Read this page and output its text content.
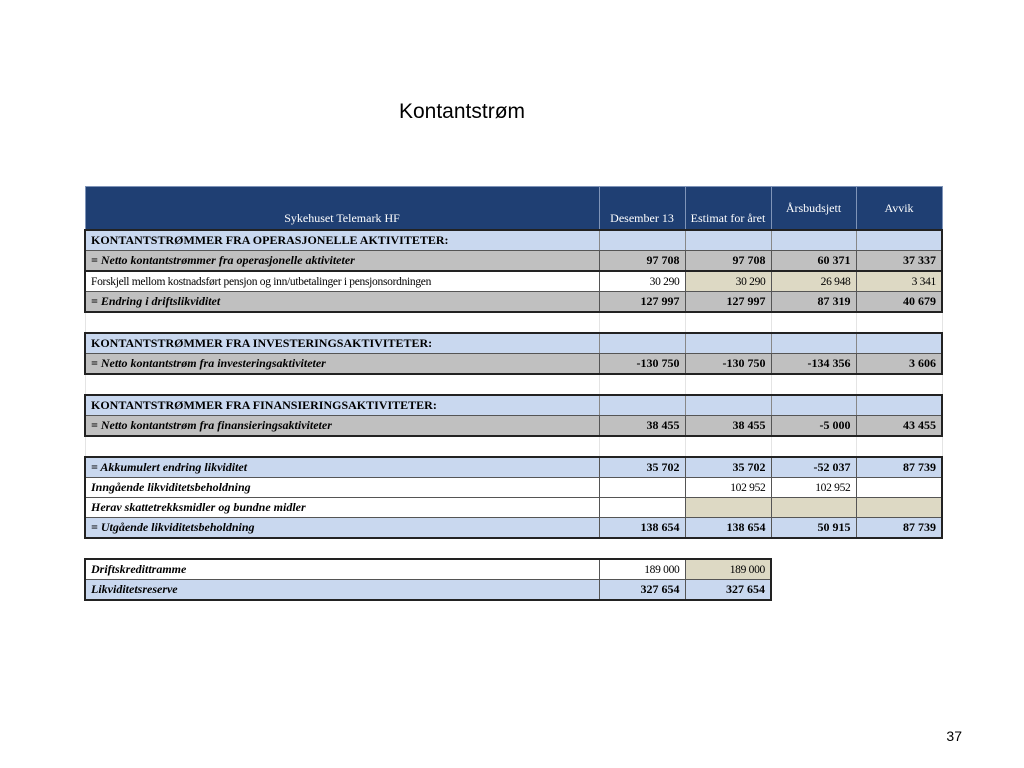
Kontantstrøm
Sykehuset Telemark HF	Desember 13	Estimat for året	Årsbudsjett	Avvik
KONTANTSTRØMMER FRA OPERASJONELLE AKTIVITETER:				
= Netto kontantstrømmer fra operasjonelle aktiviteter	97 708	97 708	60 371	37 337
Forskjell mellom kostnadsført pensjon og inn/utbetalinger i pensjonsordningen	30 290	30 290	26 948	3 341
= Endring i driftslikviditet	127 997	127 997	87 319	40 679

KONTANTSTRØMMER FRA INVESTERINGSAKTIVITETER:				
= Netto kontantstrøm fra investeringsaktiviteter	-130 750	-130 750	-134 356	3 606

KONTANTSTRØMMER FRA FINANSIERINGSAKTIVITETER:				
= Netto kontantstrøm fra finansieringsaktiviteter	38 455	38 455	-5 000	43 455

= Akkumulert endring likviditet	35 702	35 702	-52 037	87 739
Inngående likviditetsbeholdning		102 952	102 952	
Herav skattetrekksmidler og bundne midler				
= Utgående likviditetsbeholdning	138 654	138 654	50 915	87 739

Driftskredittramme	189 000	189 000		
Likviditetsreserve	327 654	327 654		
37
